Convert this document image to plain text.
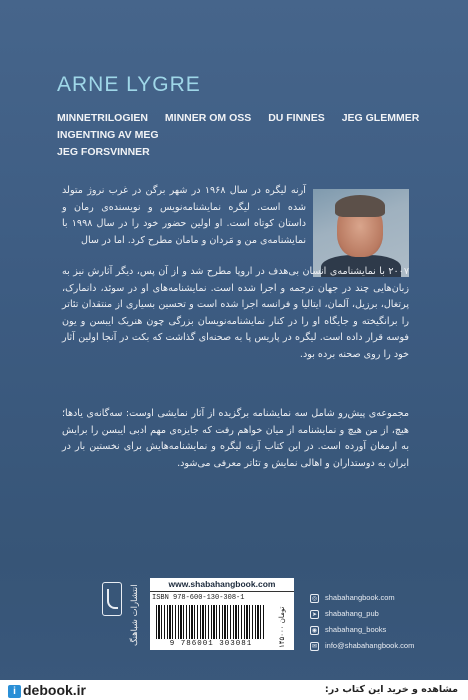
ARNE LYGRE
MINNETRILOGIEN MINNER OM OSS DU FINNES JEG GLEMMER
INGENTING AV MEG
JEG FORSVINNER
آرنه لیگره در سال ۱۹۶۸ در شهر برگن در غرب نروژ متولد شده است. لیگره نمایشنامه‌نویس و نویسنده‌ی رمان و داستان کوتاه است. او اولین حضور خود را در سال ۱۹۹۸ با نمایشنامه‌ی من و مَردان و مامان مطرح کرد. اما در سال
۲۰۰۷ با نمایشنامه‌ی انسان بی‌هدف در اروپا مطرح شد و از آن پس، دیگر آثارش نیز به زبان‌هایی چند در جهان ترجمه و اجرا شده است. نمایشنامه‌های او در سوئد، دانمارک، پرتغال، برزیل، آلمان، ایتالیا و فرانسه اجرا شده است و تحسین بسیاری از منتقدان تئاتر را برانگیخته و جایگاه او را در کنار نمایشنامه‌نویسان بزرگی چون هنریک ایبسن و یون فوسه قرار داده است. لیگره در پاریس پا به صحنه‌ای گذاشت که بکت در آنجا اولین آثار خود را روی صحنه برده بود.
مجموعه‌ی پیش‌رو شامل سه نمایشنامه برگزیده از آثار نمایشی اوست: سه‌گانه‌ی یادها؛ هیچ، از من هیچ و نمایشنامه از میان خواهم رفت که جایزه‌ی مهم ادبی ایبسن را برایش به ارمغان آورده است. در این کتاب آرنه لیگره و نمایشنامه‌هایش برای نخستین بار در ایران به دوستداران و اهالی نمایش و تئاتر معرفی می‌شود.
انتشارات شباهنگ
www.shabahangbook.com
ISBN 978-600-130-308-1
9 786001 303081	۱۴۵۰۰۰ تومان
◎ shabahangbook.com
➤ shabahang_pub
◉ shabahang_books
✉ info@shabahangbook.com
i debook.ir	مشاهده و خرید این کتاب در:
